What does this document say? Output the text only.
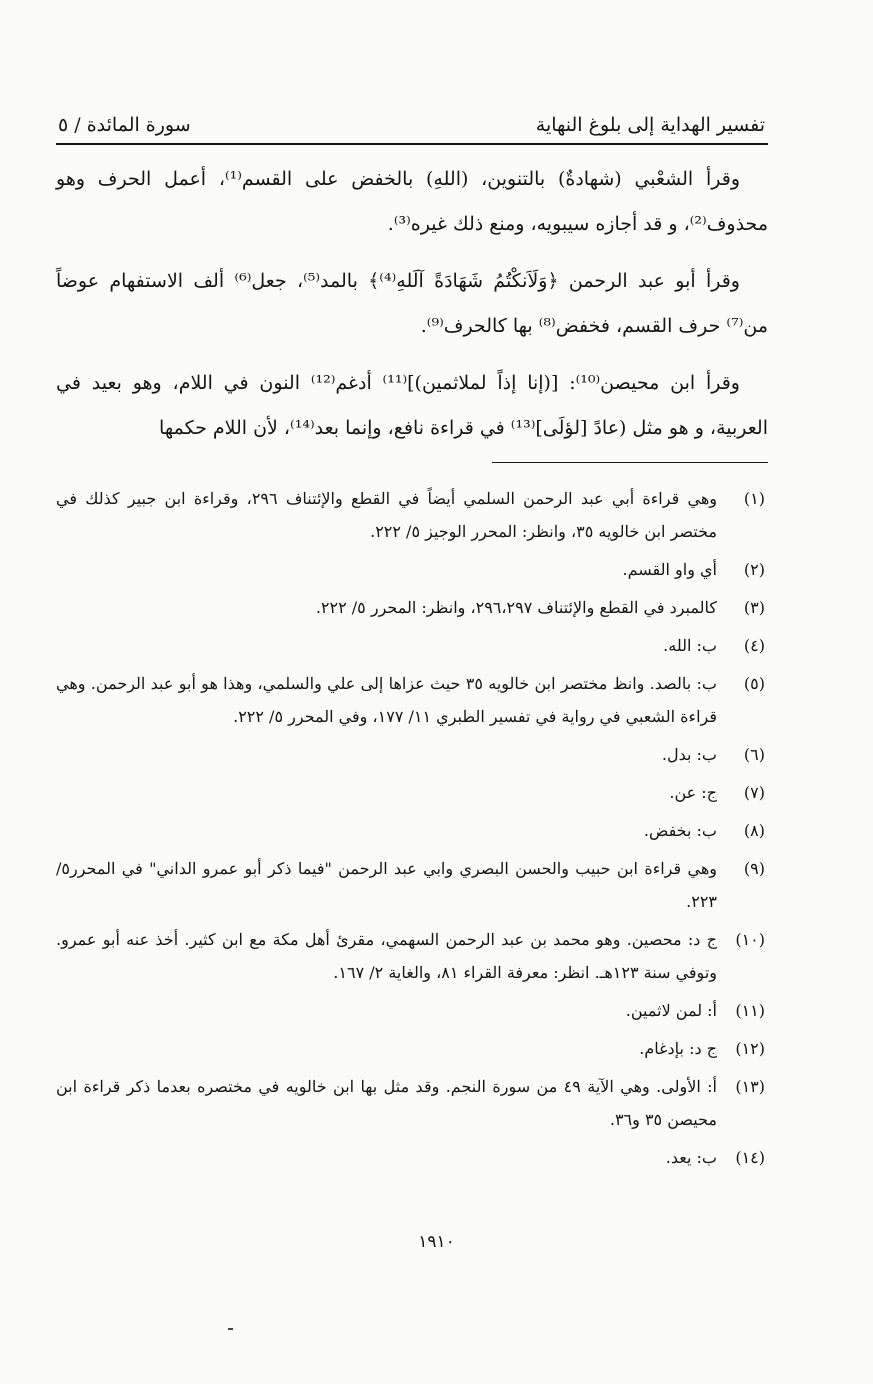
تفسير الهداية إلى بلوغ النهاية
سورة المائدة / ٥

وقرأ الشعْبي (شهادةٌ) بالتنوين، (اللهِ) بالخفض على القسم⁽¹⁾، أعمل الحرف وهو محذوف⁽²⁾، و قد أجازه سيبويه، ومنع ذلك غيره⁽³⁾.

وقرأ أبو عبد الرحمن ﴿وَلَاَنكْتُمُ شَهَادَةً آلَلهِ⁽⁴⁾﴾ بالمد⁽⁵⁾، جعل⁽⁶⁾ ألف الاستفهام عوضاً من⁽⁷⁾ حرف القسم، فخفض⁽⁸⁾ بها كالحرف⁽⁹⁾.

وقرأ ابن محيصن⁽¹⁰⁾: [(إنا إذاً لملاثمين)]⁽¹¹⁾ أدغم⁽¹²⁾ النون في اللام، وهو بعيد في العربية، و هو مثل (عادً [لؤلَى]⁽¹³⁾ في قراءة نافع، وإنما بعد⁽¹⁴⁾، لأن اللام حكمها

(١)
وهي قراءة أبي عبد الرحمن السلمي أيضاً في القطع والإئتناف ٢٩٦، وقراءة ابن جبير كذلك في مختصر ابن خالويه ٣٥، وانظر: المحرر الوجيز ٥/ ٢٢٢.
(٢)
أي واو القسم.
(٣)
كالمبرد في القطع والإئتناف ٢٩٦،٢٩٧، وانظر: المحرر ٥/ ٢٢٢.
(٤)
ب: الله.
(٥)
ب: بالصد. وانظ مختصر ابن خالويه ٣٥ حيث عزاها إلى علي والسلمي، وهذا هو أبو عبد الرحمن. وهي قراءة الشعبي في رواية في تفسير الطبري ١١/ ١٧٧، وفي المحرر ٥/ ٢٢٢.
(٦)
ب: بدل.
(٧)
ج: عن.
(٨)
ب: بخفض.
(٩)
وهي قراءة ابن حبيب والحسن البصري وابي عبد الرحمن "فيما ذكر أبو عمرو الداني" في المحرر٥/ ٢٢٣.
(١٠)
ج د: محصين. وهو محمد بن عبد الرحمن السهمي، مقرئ أهل مكة مع ابن كثير. أخذ عنه أبو عمرو. وتوفي سنة ١٢٣هـ. انظر: معرفة القراء ٨١، والغاية ٢/ ١٦٧.
(١١)
أ: لمن لاثمين.
(١٢)
ج د: بإدغام.
(١٣)
أ: الأولى. وهي الآية ٤٩ من سورة النجم. وقد مثل بها ابن خالويه في مختصره بعدما ذكر قراءة ابن محيصن ٣٥ و٣٦.
(١٤)
ب: يعد.
١٩١٠
